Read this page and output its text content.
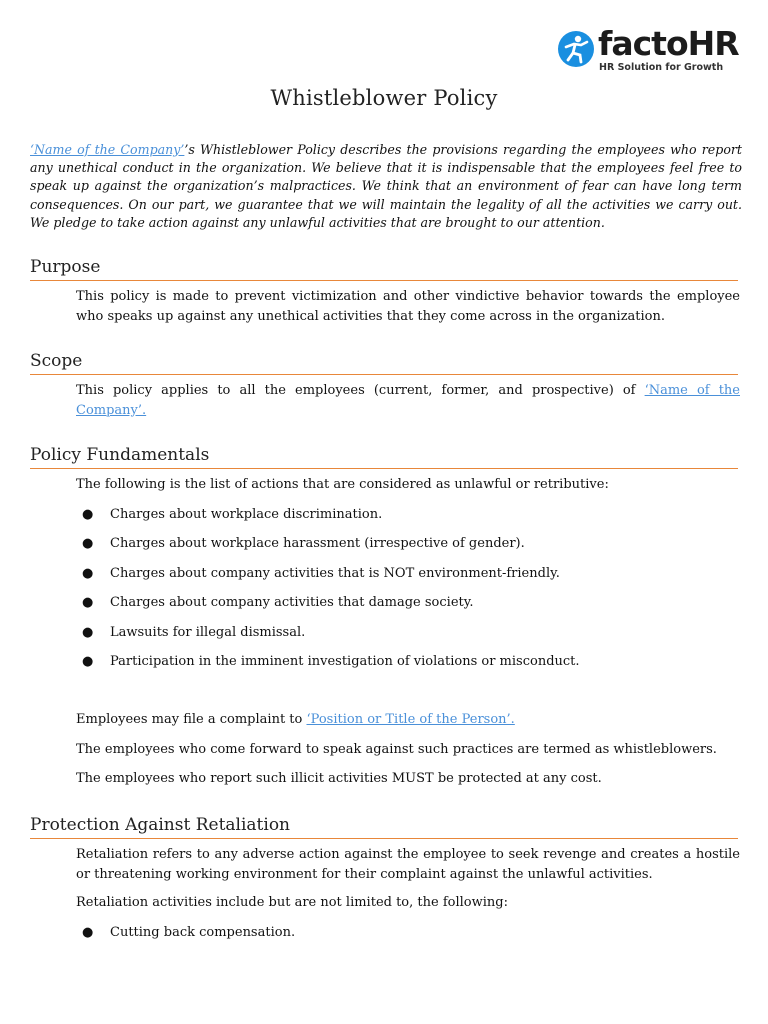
factoHR
HR Solution for Growth
Whistleblower Policy

‘Name of the Company’’s Whistleblower Policy describes the provisions regarding the employees who report any unethical conduct in the organization. We believe that it is indispensable that the employees feel free to speak up against the organization’s malpractices. We think that an environment of fear can have long term consequences. On our part, we guarantee that we will maintain the legality of all the activities we carry out. We pledge to take action against any unlawful activities that are brought to our attention.

Purpose

This policy is made to prevent victimization and other vindictive behavior towards the employee who speaks up against any unethical activities that they come across in the organization.

Scope

This policy applies to all the employees (current, former, and prospective) of ‘Name of the Company’.

Policy Fundamentals

The following is the list of actions that are considered as unlawful or retributive:

● Charges about workplace discrimination.
● Charges about workplace harassment (irrespective of gender).
● Charges about company activities that is NOT environment-friendly.
● Charges about company activities that damage society.
● Lawsuits for illegal dismissal.
● Participation in the imminent investigation of violations or misconduct.

Employees may file a complaint to ‘Position or Title of the Person’.

The employees who come forward to speak against such practices are termed as whistleblowers.

The employees who report such illicit activities MUST be protected at any cost.

Protection Against Retaliation

Retaliation refers to any adverse action against the employee to seek revenge and creates a hostile or threatening working environment for their complaint against the unlawful activities.

Retaliation activities include but are not limited to, the following:

● Cutting back compensation.
